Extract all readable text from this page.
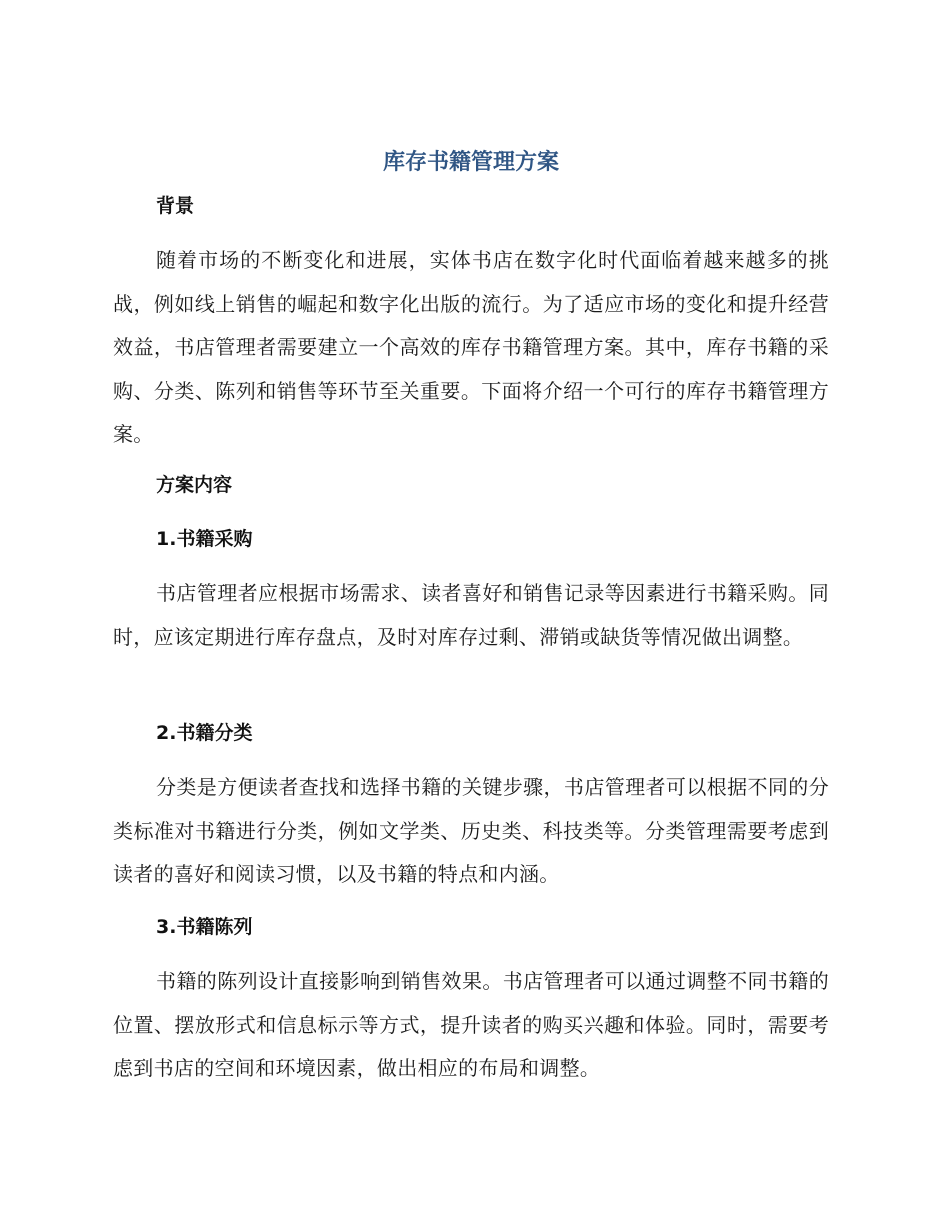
库存书籍管理方案
背景

随着市场的不断变化和进展，实体书店在数字化时代面临着越来越多的挑战，例如线上销售的崛起和数字化出版的流行。为了适应市场的变化和提升经营效益，书店管理者需要建立一个高效的库存书籍管理方案。其中，库存书籍的采购、分类、陈列和销售等环节至关重要。下面将介绍一个可行的库存书籍管理方案。

方案内容
1.书籍采购

书店管理者应根据市场需求、读者喜好和销售记录等因素进行书籍采购。同时，应该定期进行库存盘点，及时对库存过剩、滞销或缺货等情况做出调整。

2.书籍分类

分类是方便读者查找和选择书籍的关键步骤，书店管理者可以根据不同的分类标准对书籍进行分类，例如文学类、历史类、科技类等。分类管理需要考虑到读者的喜好和阅读习惯，以及书籍的特点和内涵。

3.书籍陈列

书籍的陈列设计直接影响到销售效果。书店管理者可以通过调整不同书籍的位置、摆放形式和信息标示等方式，提升读者的购买兴趣和体验。同时，需要考虑到书店的空间和环境因素，做出相应的布局和调整。
